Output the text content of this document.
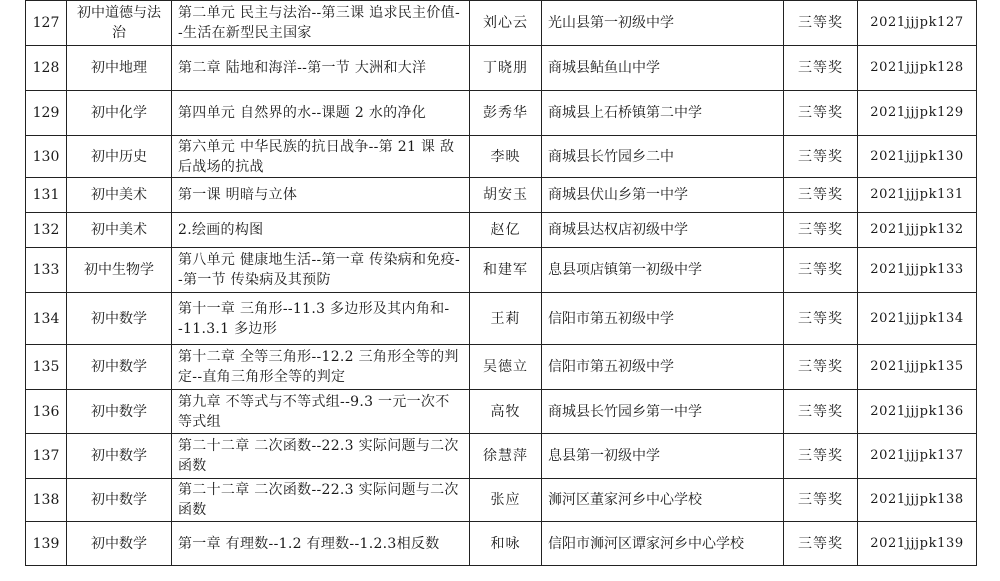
127	初中道德与法治	第二单元 民主与法治--第三课 追求民主价值--生活在新型民主国家	刘心云	光山县第一初级中学	三等奖	2021jjjpk127
128	初中地理	第二章 陆地和海洋--第一节 大洲和大洋	丁晓朋	商城县鲇鱼山中学	三等奖	2021jjjpk128
129	初中化学	第四单元 自然界的水--课题 2 水的净化	彭秀华	商城县上石桥镇第二中学	三等奖	2021jjjpk129
130	初中历史	第六单元 中华民族的抗日战争--第 21 课 敌后战场的抗战	李映	商城县长竹园乡二中	三等奖	2021jjjpk130
131	初中美术	第一课 明暗与立体	胡安玉	商城县伏山乡第一中学	三等奖	2021jjjpk131
132	初中美术	2.绘画的构图	赵亿	商城县达权店初级中学	三等奖	2021jjjpk132
133	初中生物学	第八单元 健康地生活--第一章 传染病和免疫--第一节 传染病及其预防	和建军	息县项店镇第一初级中学	三等奖	2021jjjpk133
134	初中数学	第十一章 三角形--11.3 多边形及其内角和--11.3.1 多边形	王莉	信阳市第五初级中学	三等奖	2021jjjpk134
135	初中数学	第十二章 全等三角形--12.2 三角形全等的判定--直角三角形全等的判定	吴德立	信阳市第五初级中学	三等奖	2021jjjpk135
136	初中数学	第九章 不等式与不等式组--9.3 一元一次不等式组	高牧	商城县长竹园乡第一中学	三等奖	2021jjjpk136
137	初中数学	第二十二章 二次函数--22.3 实际问题与二次函数	徐慧萍	息县第一初级中学	三等奖	2021jjjpk137
138	初中数学	第二十二章 二次函数--22.3 实际问题与二次函数	张应	浉河区董家河乡中心学校	三等奖	2021jjjpk138
139	初中数学	第一章 有理数--1.2 有理数--1.2.3相反数	和咏	信阳市浉河区谭家河乡中心学校	三等奖	2021jjjpk139
